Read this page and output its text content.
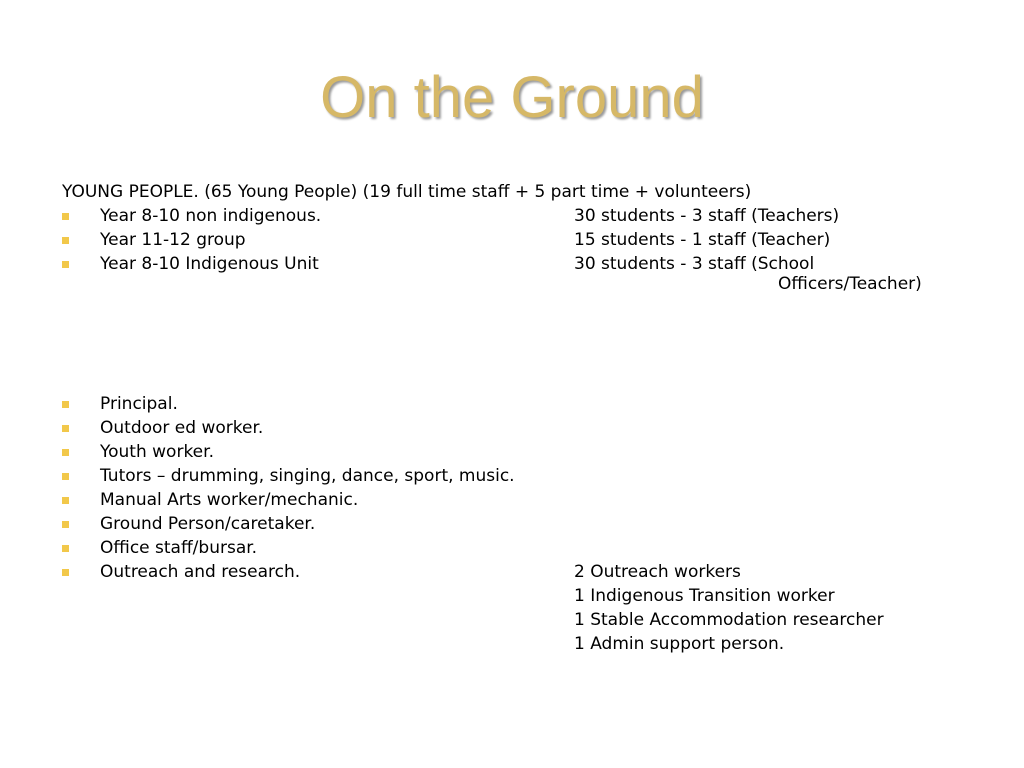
On the Ground
YOUNG PEOPLE. (65 Young People) (19 full time staff + 5 part time + volunteers)
Year 8-10 non indigenous.	30 students - 3 staff (Teachers)
Year 11-12 group	15 students - 1 staff (Teacher)
Year 8-10 Indigenous Unit	30 students - 3 staff (School
Officers/Teacher)
Principal.
Outdoor ed worker.
Youth worker.
Tutors – drumming, singing, dance, sport, music.
Manual Arts worker/mechanic.
Ground Person/caretaker.
Office staff/bursar.
Outreach and research.	2 Outreach workers
1 Indigenous Transition worker
1 Stable Accommodation researcher
1 Admin support person.
